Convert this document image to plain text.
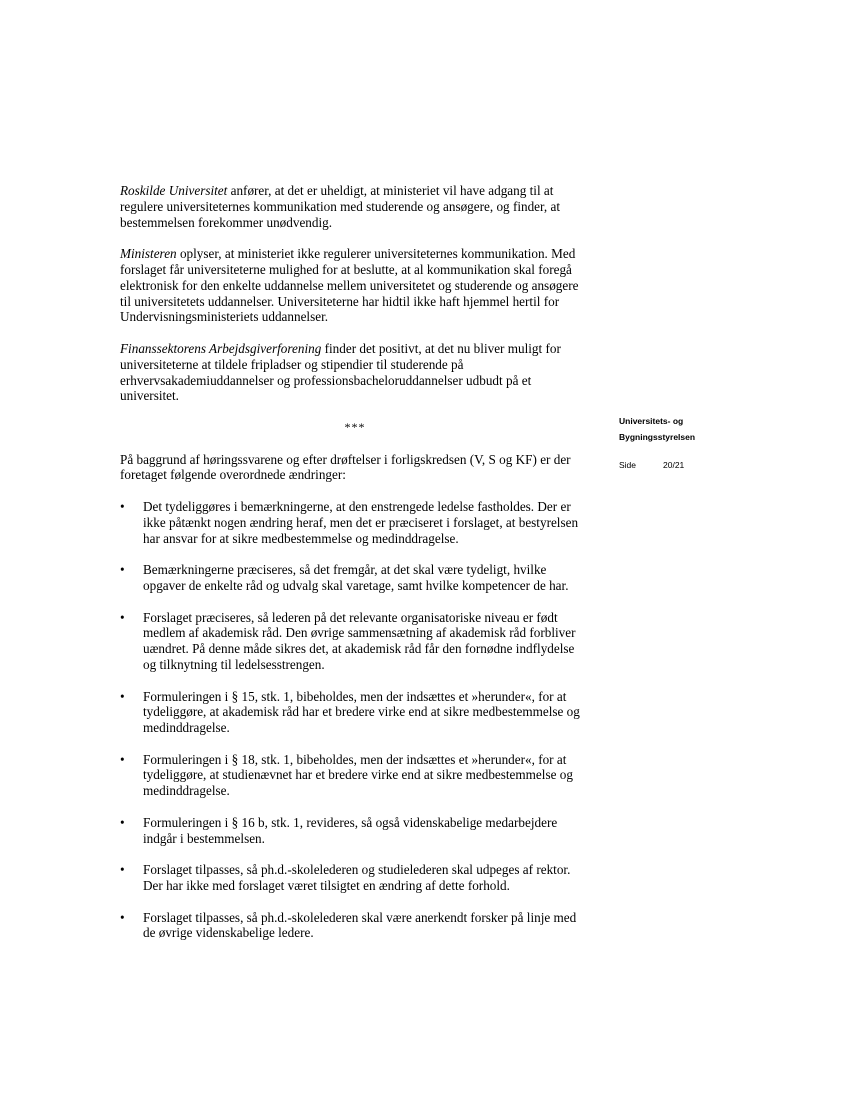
Roskilde Universitet anfører, at det er uheldigt, at ministeriet vil have adgang til at regulere universiteternes kommunikation med studerende og ansøgere, og finder, at bestemmelsen forekommer unødvendig.

Ministeren oplyser, at ministeriet ikke regulerer universiteternes kommunikation. Med forslaget får universiteterne mulighed for at beslutte, at al kommunikation skal foregå elektronisk for den enkelte uddannelse mellem universitetet og studerende og ansøgere til universitetets uddannelser. Universiteterne har hidtil ikke haft hjemmel hertil for Undervisningsministeriets uddannelser.

Finanssektorens Arbejdsgiverforening finder det positivt, at det nu bliver muligt for universiteterne at tildele fripladser og stipendier til studerende på erhvervsakademiuddannelser og professionsbacheloruddannelser udbudt på et universitet.

***

På baggrund af høringssvarene og efter drøftelser i forligskredsen (V, S og KF) er der foretaget følgende overordnede ændringer:

•	Det tydeliggøres i bemærkningerne, at den enstrengede ledelse fastholdes. Der er ikke påtænkt nogen ændring heraf, men det er præciseret i forslaget, at bestyrelsen har ansvar for at sikre medbestemmelse og medinddragelse.
•	Bemærkningerne præciseres, så det fremgår, at det skal være tydeligt, hvilke opgaver de enkelte råd og udvalg skal varetage, samt hvilke kompetencer de har.
•	Forslaget præciseres, så lederen på det relevante organisatoriske niveau er født medlem af akademisk råd. Den øvrige sammensætning af akademisk råd forbliver uændret. På denne måde sikres det, at akademisk råd får den fornødne indflydelse og tilknytning til ledelsesstrengen.
•	Formuleringen i § 15, stk. 1, bibeholdes, men der indsættes et »herunder«, for at tydeliggøre, at akademisk råd har et bredere virke end at sikre medbestemmelse og medinddragelse.
•	Formuleringen i § 18, stk. 1, bibeholdes, men der indsættes et »herunder«, for at tydeliggøre, at studienævnet har et bredere virke end at sikre medbestemmelse og medinddragelse.
•	Formuleringen i § 16 b, stk. 1, revideres, så også videnskabelige medarbejdere indgår i bestemmelsen.
•	Forslaget tilpasses, så ph.d.-skolelederen og studielederen skal udpeges af rektor. Der har ikke med forslaget været tilsigtet en ændring af dette forhold.
•	Forslaget tilpasses, så ph.d.-skolelederen skal være anerkendt forsker på linje med de øvrige videnskabelige ledere.
Universitets- og
Bygningsstyrelsen
Side	20/21
